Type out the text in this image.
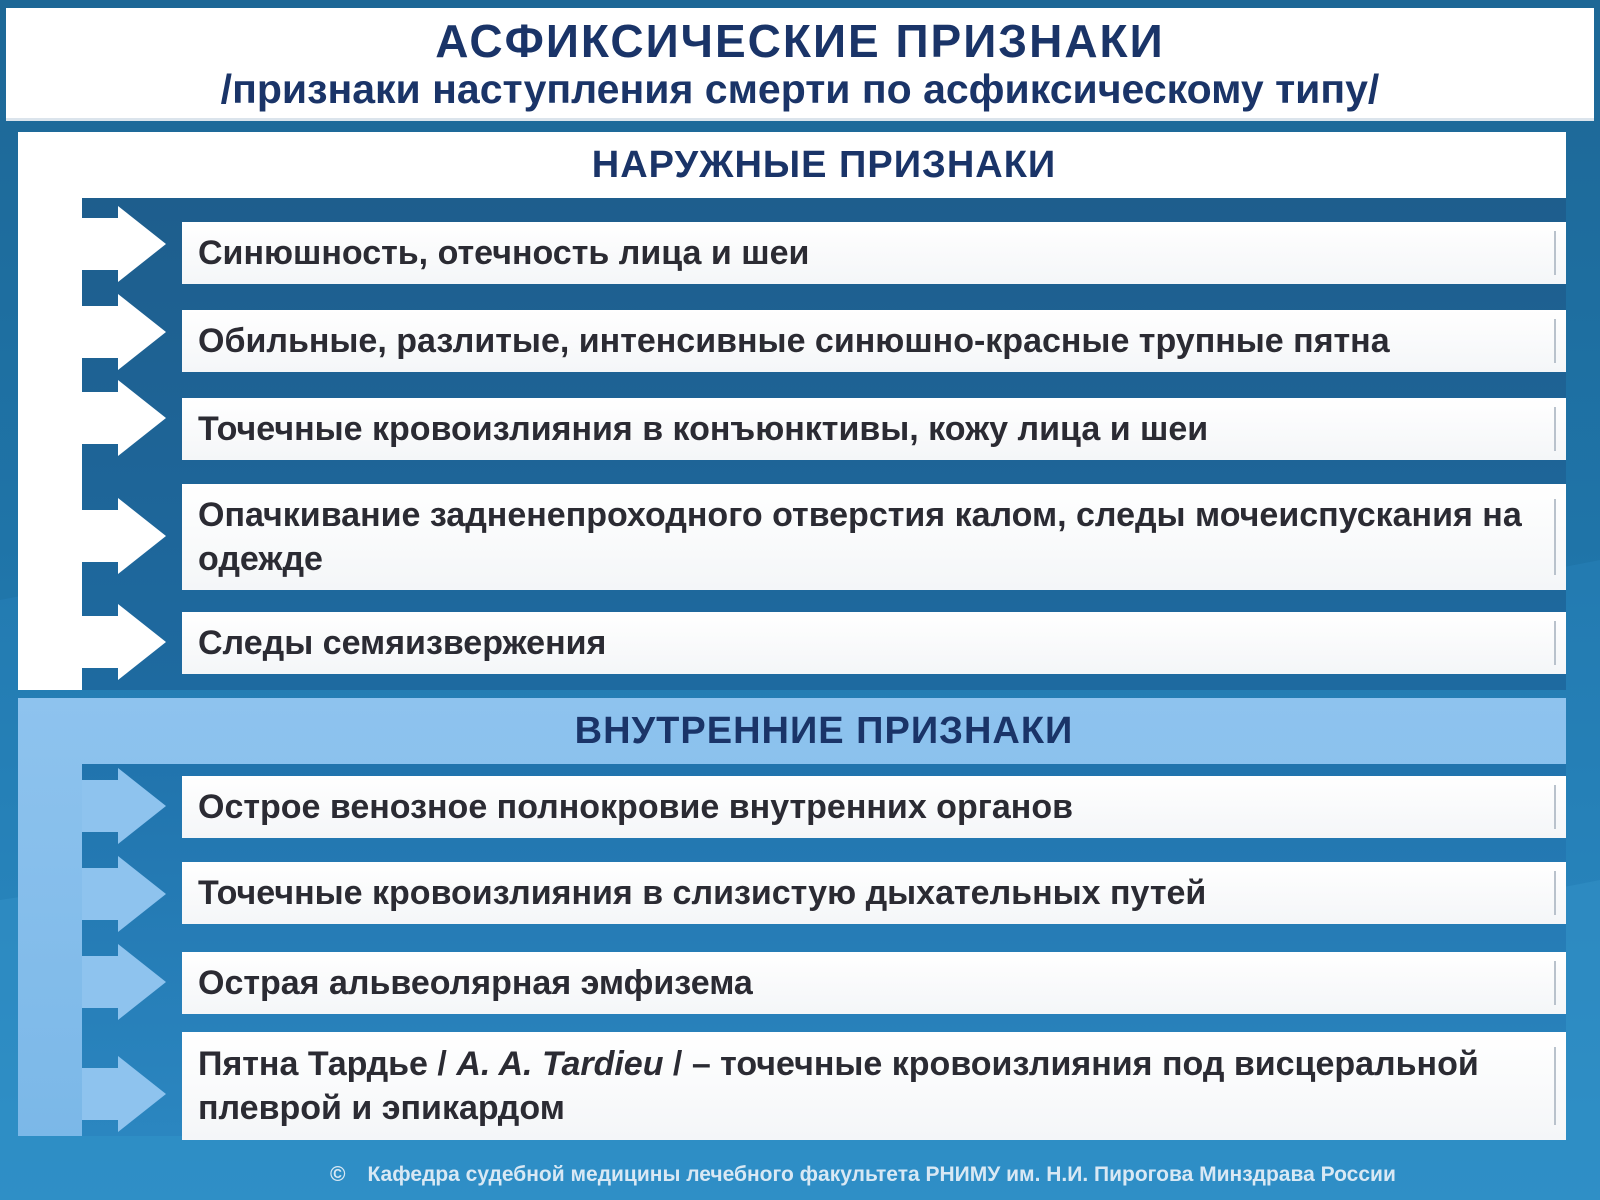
АСФИКСИЧЕСКИЕ ПРИЗНАКИ
/признаки наступления смерти по асфиксическому типу/
НАРУЖНЫЕ ПРИЗНАКИ
Синюшность, отечность лица и шеи
Обильные, разлитые, интенсивные синюшно-красные трупные пятна
Точечные кровоизлияния в конъюнктивы, кожу лица и шеи
Опачкивание задненепроходного отверстия калом, следы мочеиспускания на одежде
Следы семяизвержения
ВНУТРЕННИЕ ПРИЗНАКИ
Острое венозное полнокровие внутренних органов
Точечные кровоизлияния в слизистую дыхательных путей
Острая альвеолярная эмфизема
Пятна Тардье / A. A. Tardieu / – точечные кровоизлияния под висцеральной плеврой и эпикардом
© Кафедра судебной медицины лечебного факультета РНИМУ им. Н.И. Пирогова Минздрава России
